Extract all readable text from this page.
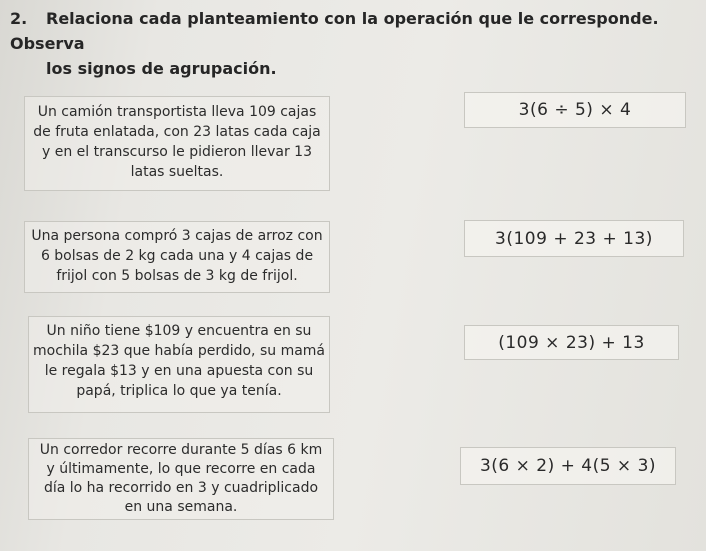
2. Relaciona cada planteamiento con la operación que le corresponde. Observa
los signos de agrupación.
Un camión transportista lleva 109 cajas
de fruta enlatada, con 23 latas cada caja
y en el transcurso le pidieron llevar 13
latas sueltas.
Una persona compró 3 cajas de arroz con
6 bolsas de 2 kg cada una y 4 cajas de
frijol con 5 bolsas de 3 kg de frijol.
Un niño tiene $109 y encuentra en su
mochila $23 que había perdido, su mamá
le regala $13 y en una apuesta con su
papá, triplica lo que ya tenía.
Un corredor recorre durante 5 días 6 km
y últimamente, lo que recorre en cada
día lo ha recorrido en 3 y cuadriplicado
en una semana.
3(6 ÷ 5) × 4
3(109 + 23 + 13)
(109 × 23) + 13
3(6 × 2) + 4(5 × 3)
